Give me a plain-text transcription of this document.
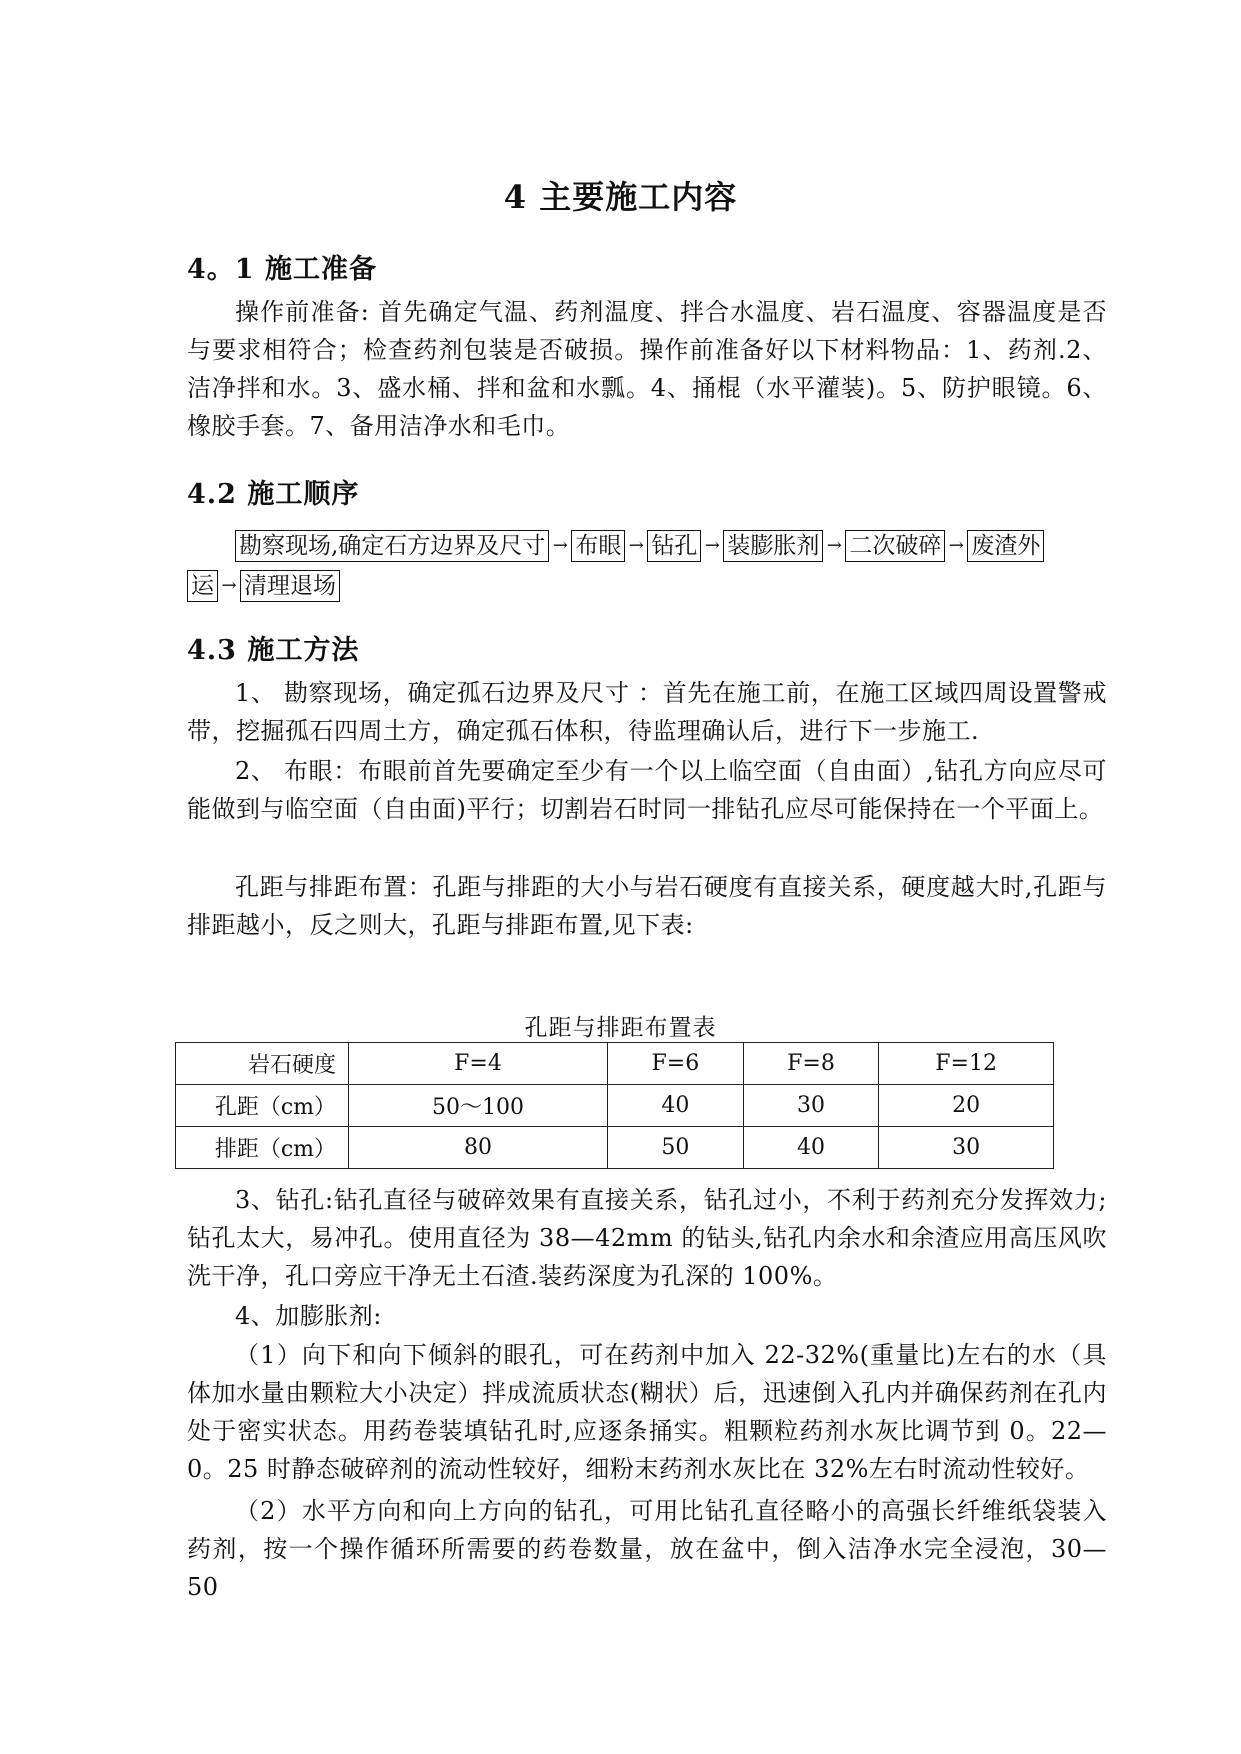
4 主要施工内容
4。1 施工准备
操作前准备: 首先确定气温、药剂温度、拌合水温度、岩石温度、容器温度是否与要求相符合；检查药剂包装是否破损。操作前准备好以下材料物品：1、药剂.2、洁净拌和水。3、盛水桶、拌和盆和水瓢。4、捅棍（水平灌装)。5、防护眼镜。6、橡胶手套。7、备用洁净水和毛巾。
4.2 施工顺序
勘察现场,确定石方边界及尺寸 → 布眼 → 钻孔 → 装膨胀剂 → 二次破碎 → 废渣外
运 → 清理退场
4.3 施工方法
1、 勘察现场，确定孤石边界及尺寸 ：首先在施工前，在施工区域四周设置警戒带，挖掘孤石四周土方，确定孤石体积，待监理确认后，进行下一步施工.
2、 布眼：布眼前首先要确定至少有一个以上临空面（自由面）,钻孔方向应尽可能做到与临空面（自由面)平行；切割岩石时同一排钻孔应尽可能保持在一个平面上。
孔距与排距布置：孔距与排距的大小与岩石硬度有直接关系，硬度越大时,孔距与排距越小，反之则大，孔距与排距布置,见下表:
孔距与排距布置表
岩石硬度	F=4	F=6	F=8	F=12
孔距（cm）	50～100	40	30	20
排距（cm）	80	50	40	30
3、钻孔:钻孔直径与破碎效果有直接关系，钻孔过小，不利于药剂充分发挥效力;钻孔太大，易冲孔。使用直径为 38—42mm 的钻头,钻孔内余水和余渣应用高压风吹洗干净，孔口旁应干净无土石渣.装药深度为孔深的 100%。
4、加膨胀剂:
（1）向下和向下倾斜的眼孔，可在药剂中加入 22-32%(重量比)左右的水（具体加水量由颗粒大小决定）拌成流质状态(糊状）后，迅速倒入孔内并确保药剂在孔内处于密实状态。用药卷装填钻孔时,应逐条捅实。粗颗粒药剂水灰比调节到 0。22—0。25 时静态破碎剂的流动性较好，细粉末药剂水灰比在 32%左右时流动性较好。
（2）水平方向和向上方向的钻孔，可用比钻孔直径略小的高强长纤维纸袋装入药剂，按一个操作循环所需要的药卷数量，放在盆中，倒入洁净水完全浸泡，30—50
